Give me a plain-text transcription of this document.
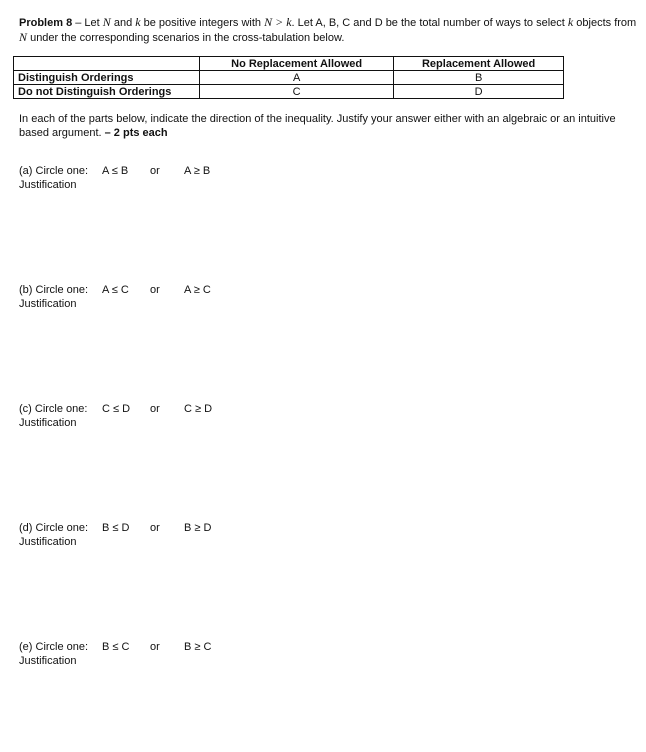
Problem 8 – Let N and k be positive integers with N > k. Let A, B, C and D be the total number of ways to select k objects from N under the corresponding scenarios in the cross-tabulation below.

	No Replacement Allowed	Replacement Allowed
Distinguish Orderings	A	B
Do not Distinguish Orderings	C	D

In each of the parts below, indicate the direction of the inequality. Justify your answer either with an algebraic or an intuitive based argument. – 2 pts each

(a) Circle one:	A ≤ B	or	A ≥ B
Justification
(b) Circle one:	A ≤ C	or	A ≥ C
Justification
(c) Circle one:	C ≤ D	or	C ≥ D
Justification
(d) Circle one:	B ≤ D	or	B ≥ D
Justification
(e) Circle one:	B ≤ C	or	B ≥ C
Justification
